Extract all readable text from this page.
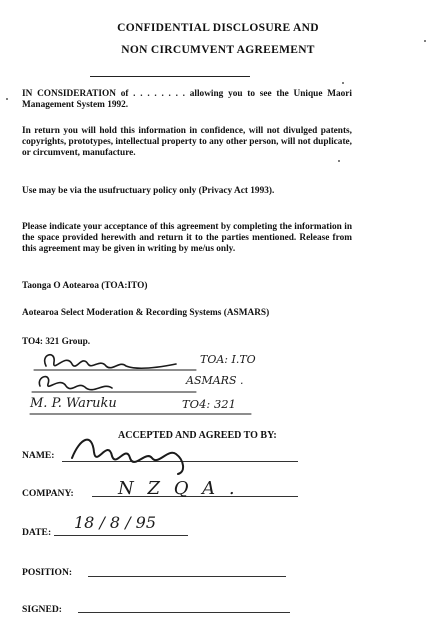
CONFIDENTIAL DISCLOSURE AND
NON CIRCUMVENT AGREEMENT
IN CONSIDERATION of . . . . . . . . allowing you to see the Unique Maori Management System 1992.
In return you will hold this information in confidence, will not divulged patents, copyrights, prototypes, intellectual property to any other person, will not duplicate, or circumvent, manufacture.
Use may be via the usufructuary policy only (Privacy Act 1993).
Please indicate your acceptance of this agreement by completing the information in the space provided herewith and return it to the parties mentioned. Release from this agreement may be given in writing by me/us only.
Taonga O Aotearoa (TOA:ITO)
Aotearoa Select Moderation & Recording Systems (ASMARS)
TO4: 321 Group.
TOA: I.TO
ASMARS .
M. P. Waruku	TO4: 321
ACCEPTED AND AGREED TO BY:
NAME:
COMPANY: N Z Q A .
DATE:
18 / 8 / 95
POSITION:
SIGNED:
